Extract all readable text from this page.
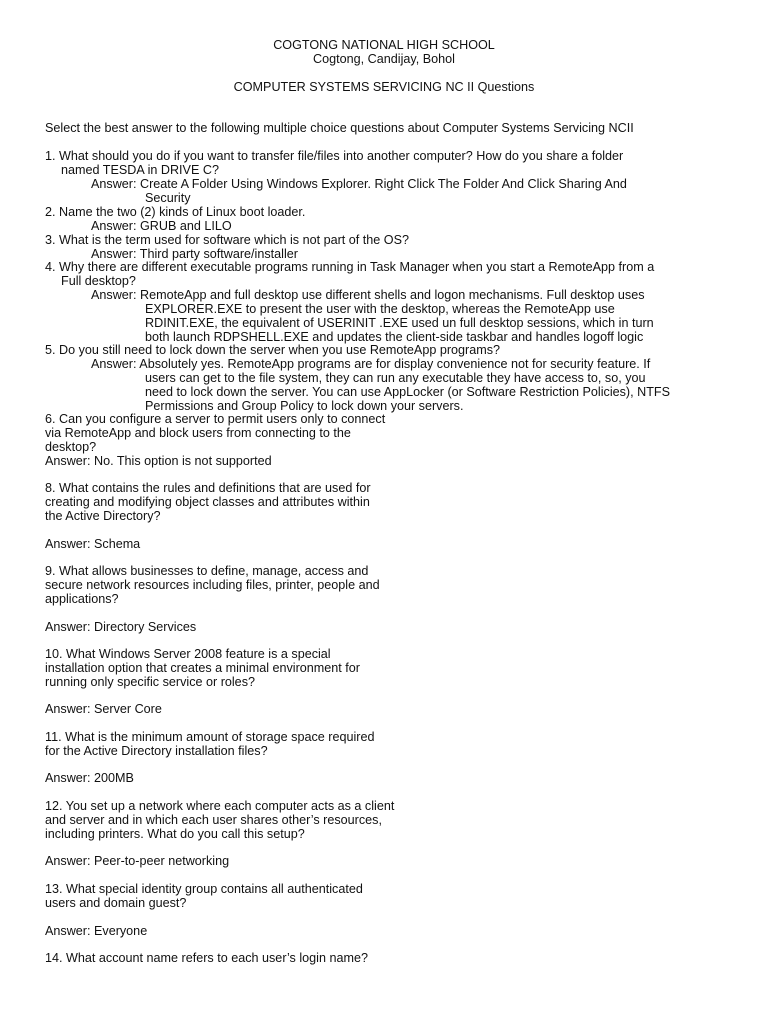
COGTONG NATIONAL HIGH SCHOOL
Cogtong, Candijay, Bohol
COMPUTER SYSTEMS SERVICING NC II Questions
Select the best answer to the following multiple choice questions about Computer Systems Servicing NCII
1. What should you do if you want to transfer file/files into another computer? How do you share a folder
named TESDA in DRIVE C?
Answer: Create A Folder Using Windows Explorer. Right Click The Folder And Click Sharing And
Security
2. Name the two (2) kinds of Linux boot loader.
Answer: GRUB and LILO
3. What is the term used for software which is not part of the OS?
Answer: Third party software/installer
4. Why there are different executable programs running in Task Manager when you start a RemoteApp from a
Full desktop?
Answer: RemoteApp and full desktop use different shells and logon mechanisms. Full desktop uses
EXPLORER.EXE to present the user with the desktop, whereas the RemoteApp use
RDINIT.EXE, the equivalent of USERINIT .EXE used un full desktop sessions, which in turn
both launch RDPSHELL.EXE and updates the client-side taskbar and handles logoff logic
5. Do you still need to lock down the server when you use RemoteApp programs?
Answer: Absolutely yes. RemoteApp programs are for display convenience not for security feature. If
users can get to the file system, they can run any executable they have access to, so, you
need to lock down the server. You can use AppLocker (or Software Restriction Policies), NTFS
Permissions and Group Policy to lock down your servers.
6. Can you configure a server to permit users only to connect
via RemoteApp and block users from connecting to the
desktop?
Answer: No. This option is not supported
8. What contains the rules and definitions that are used for
creating and modifying object classes and attributes within
the Active Directory?
Answer: Schema
9. What allows businesses to define, manage, access and
secure network resources including files, printer, people and
applications?
Answer: Directory Services
10. What Windows Server 2008 feature is a special
installation option that creates a minimal environment for
running only specific service or roles?
Answer: Server Core
11. What is the minimum amount of storage space required
for the Active Directory installation files?
Answer: 200MB
12. You set up a network where each computer acts as a client
and server and in which each user shares other’s resources,
including printers. What do you call this setup?
Answer: Peer-to-peer networking
13. What special identity group contains all authenticated
users and domain guest?
Answer: Everyone
14. What account name refers to each user’s login name?
